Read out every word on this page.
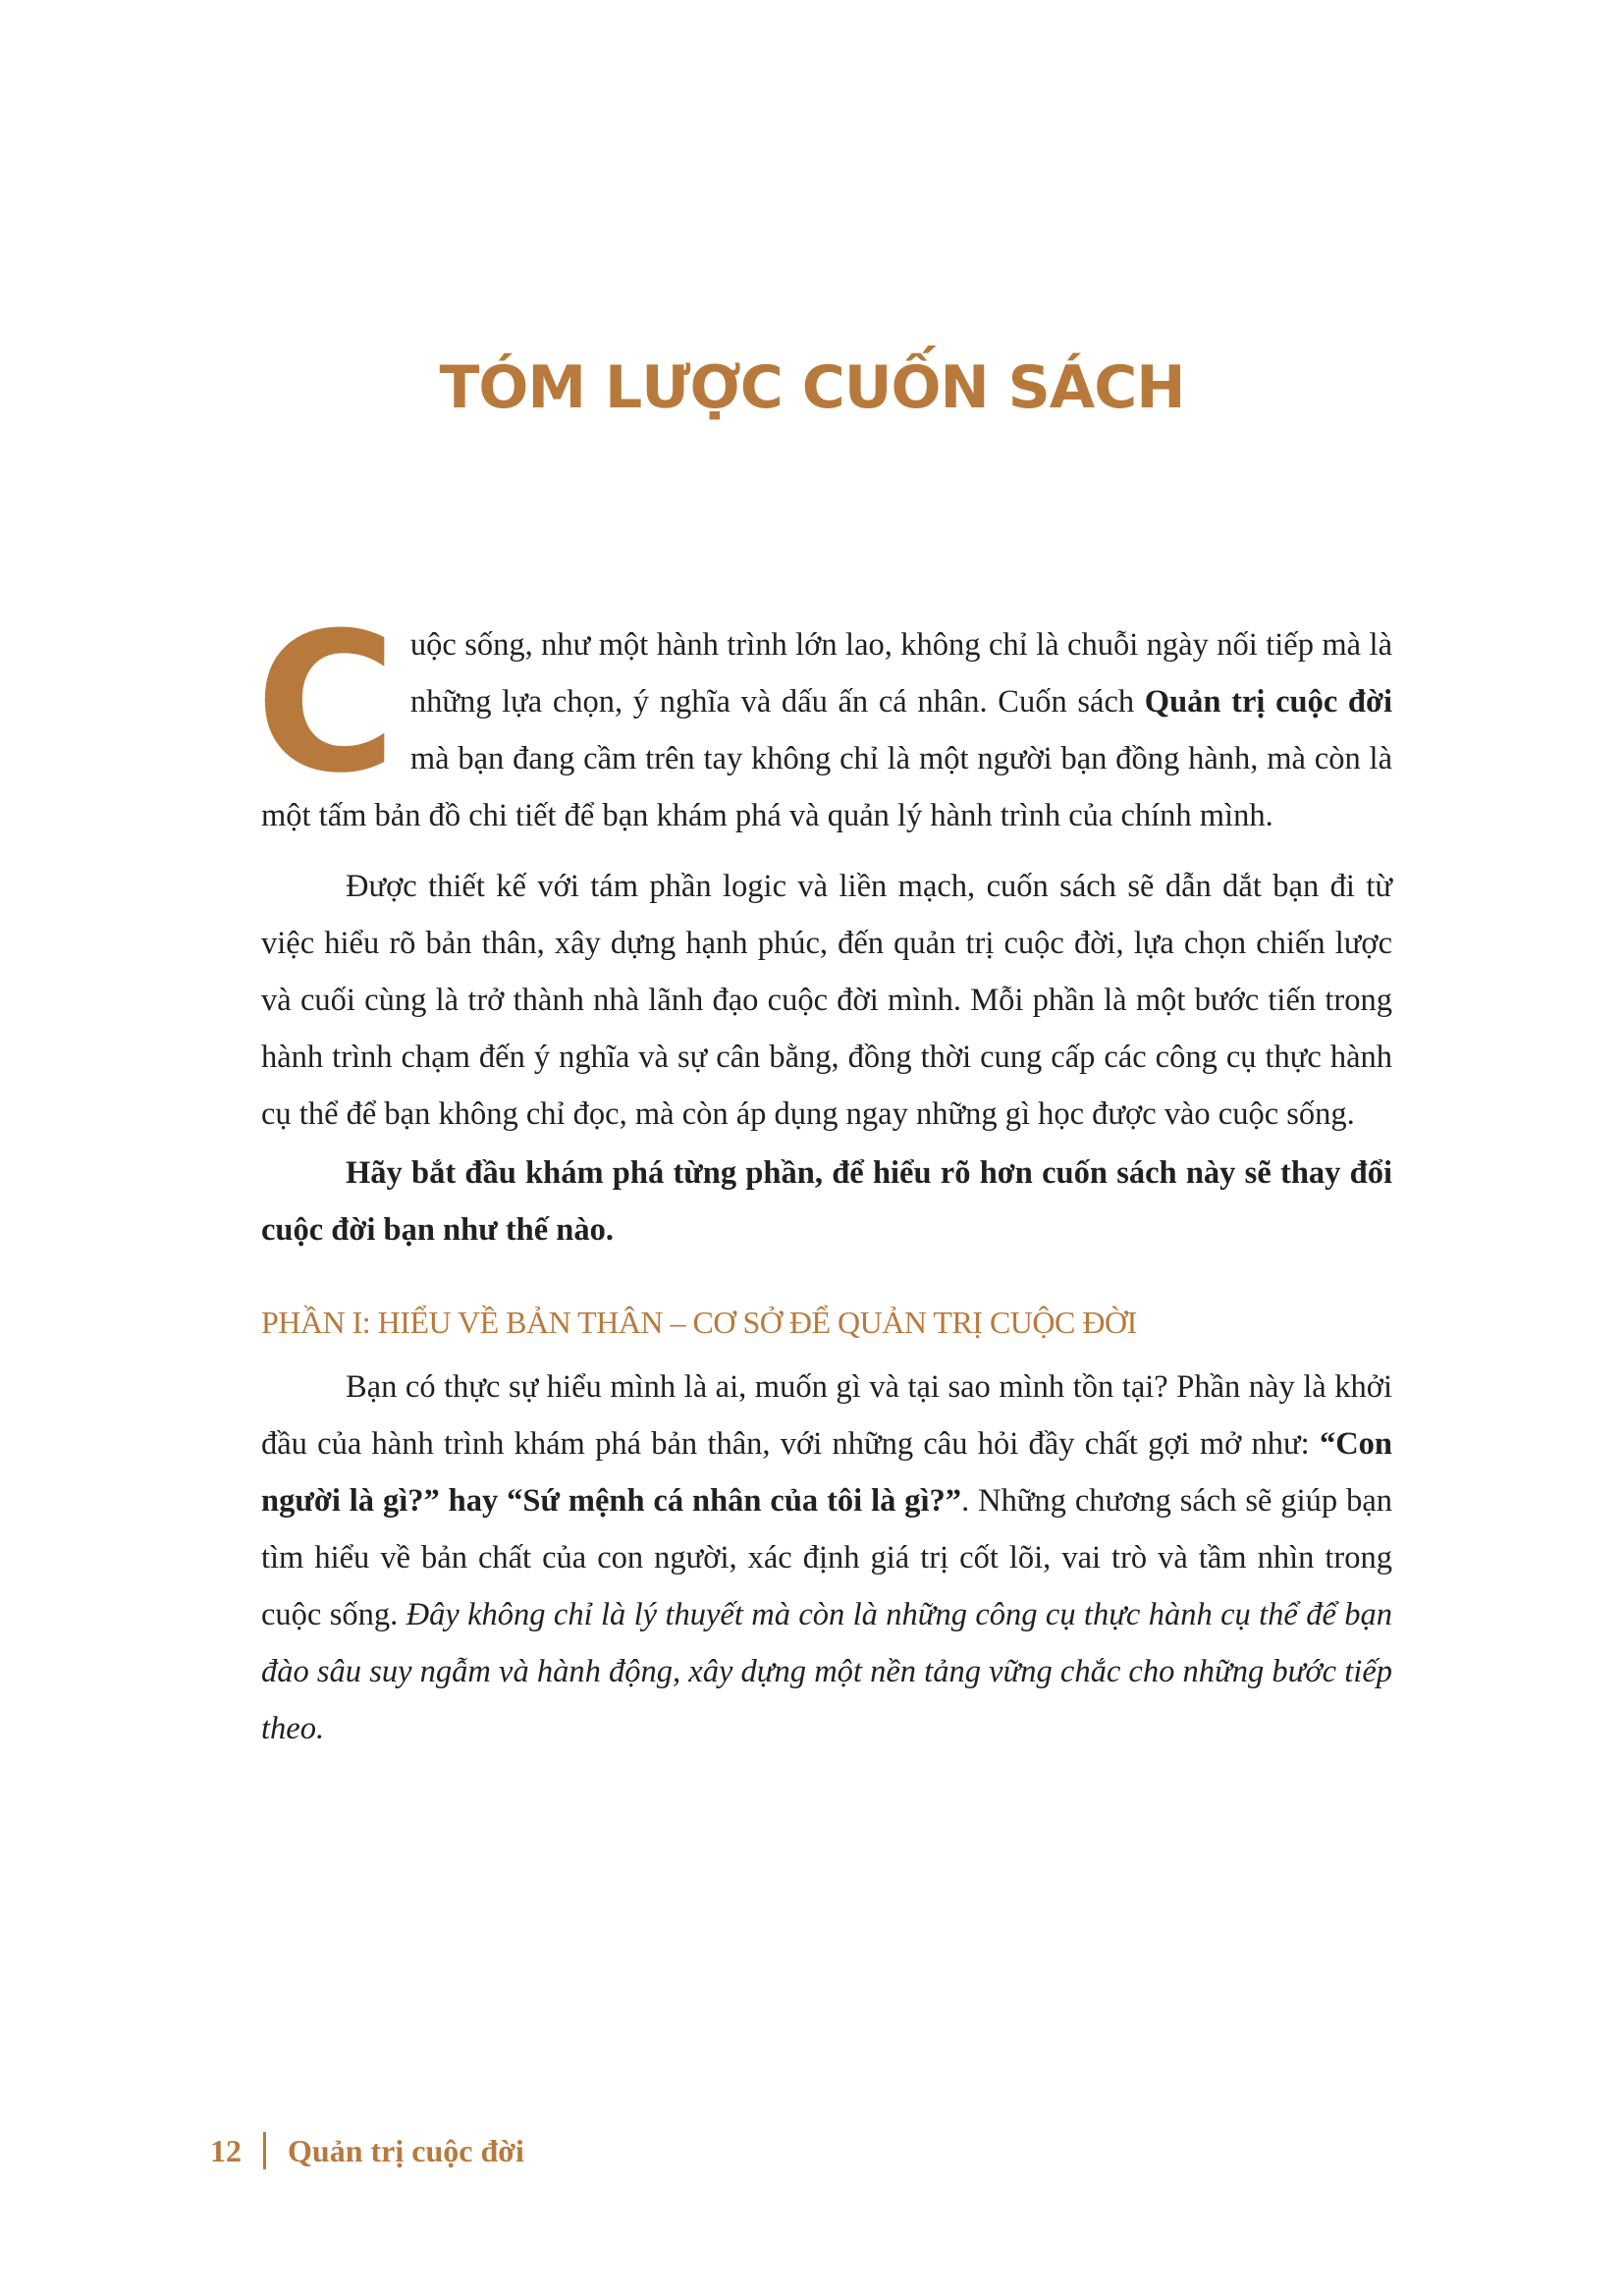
TÓM LƯỢC CUỐN SÁCH

Cuộc sống, như một hành trình lớn lao, không chỉ là chuỗi ngày nối tiếp mà là những lựa chọn, ý nghĩa và dấu ấn cá nhân. Cuốn sách Quản trị cuộc đời mà bạn đang cầm trên tay không chỉ là một người bạn đồng hành, mà còn là một tấm bản đồ chi tiết để bạn khám phá và quản lý hành trình của chính mình.

Được thiết kế với tám phần logic và liền mạch, cuốn sách sẽ dẫn dắt bạn đi từ việc hiểu rõ bản thân, xây dựng hạnh phúc, đến quản trị cuộc đời, lựa chọn chiến lược và cuối cùng là trở thành nhà lãnh đạo cuộc đời mình. Mỗi phần là một bước tiến trong hành trình chạm đến ý nghĩa và sự cân bằng, đồng thời cung cấp các công cụ thực hành cụ thể để bạn không chỉ đọc, mà còn áp dụng ngay những gì học được vào cuộc sống.

Hãy bắt đầu khám phá từng phần, để hiểu rõ hơn cuốn sách này sẽ thay đổi cuộc đời bạn như thế nào.

PHẦN I: HIỂU VỀ BẢN THÂN – CƠ SỞ ĐỂ QUẢN TRỊ CUỘC ĐỜI

Bạn có thực sự hiểu mình là ai, muốn gì và tại sao mình tồn tại? Phần này là khởi đầu của hành trình khám phá bản thân, với những câu hỏi đầy chất gợi mở như: “Con người là gì?” hay “Sứ mệnh cá nhân của tôi là gì?”. Những chương sách sẽ giúp bạn tìm hiểu về bản chất của con người, xác định giá trị cốt lõi, vai trò và tầm nhìn trong cuộc sống. Đây không chỉ là lý thuyết mà còn là những công cụ thực hành cụ thể để bạn đào sâu suy ngẫm và hành động, xây dựng một nền tảng vững chắc cho những bước tiếp theo.

12 Quản trị cuộc đời
